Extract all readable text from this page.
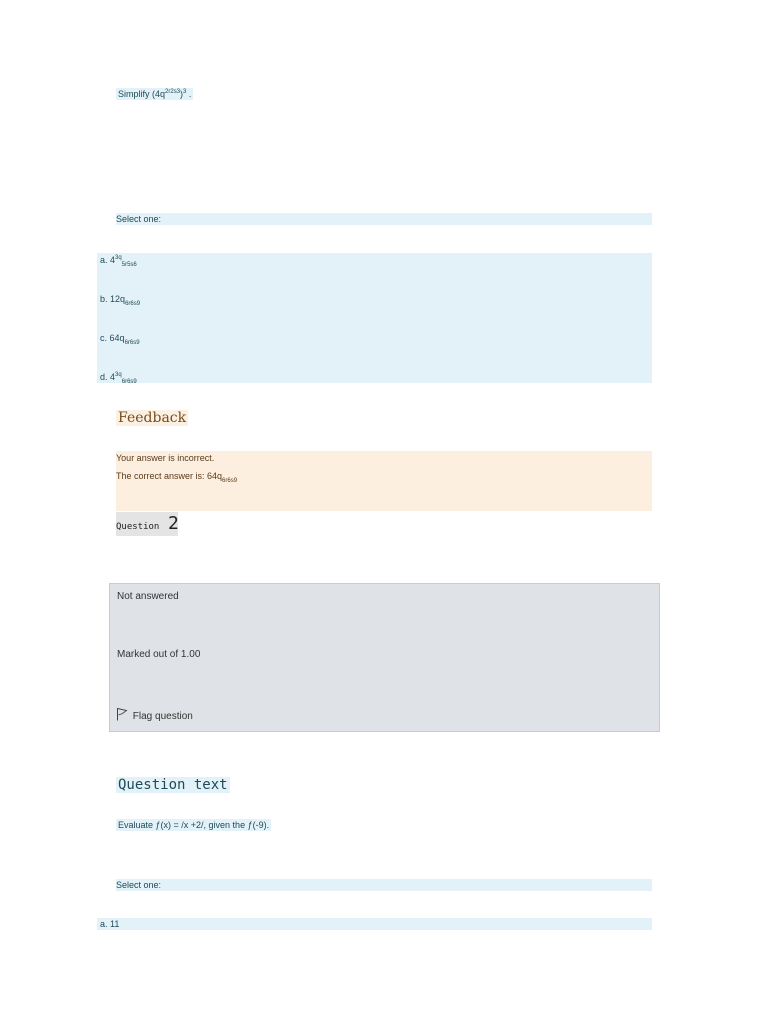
Simplify $(4q^{2r2s3})^3$ .
Select one:
a. $4^{3q}_{5r5s6}$
b. $12q_{6r6s9}$
c. $64q_{6r6s9}$
d. $4^{3q}_{6r6s9}$
Feedback
Your answer is incorrect.
The correct answer is: $64q_{6r6s9}$
Question 2
Not answered
Marked out of 1.00
Flag question
Question text
Evaluate ƒ(x) = /x +2/, given the ƒ(-9).
Select one:
a. 11
